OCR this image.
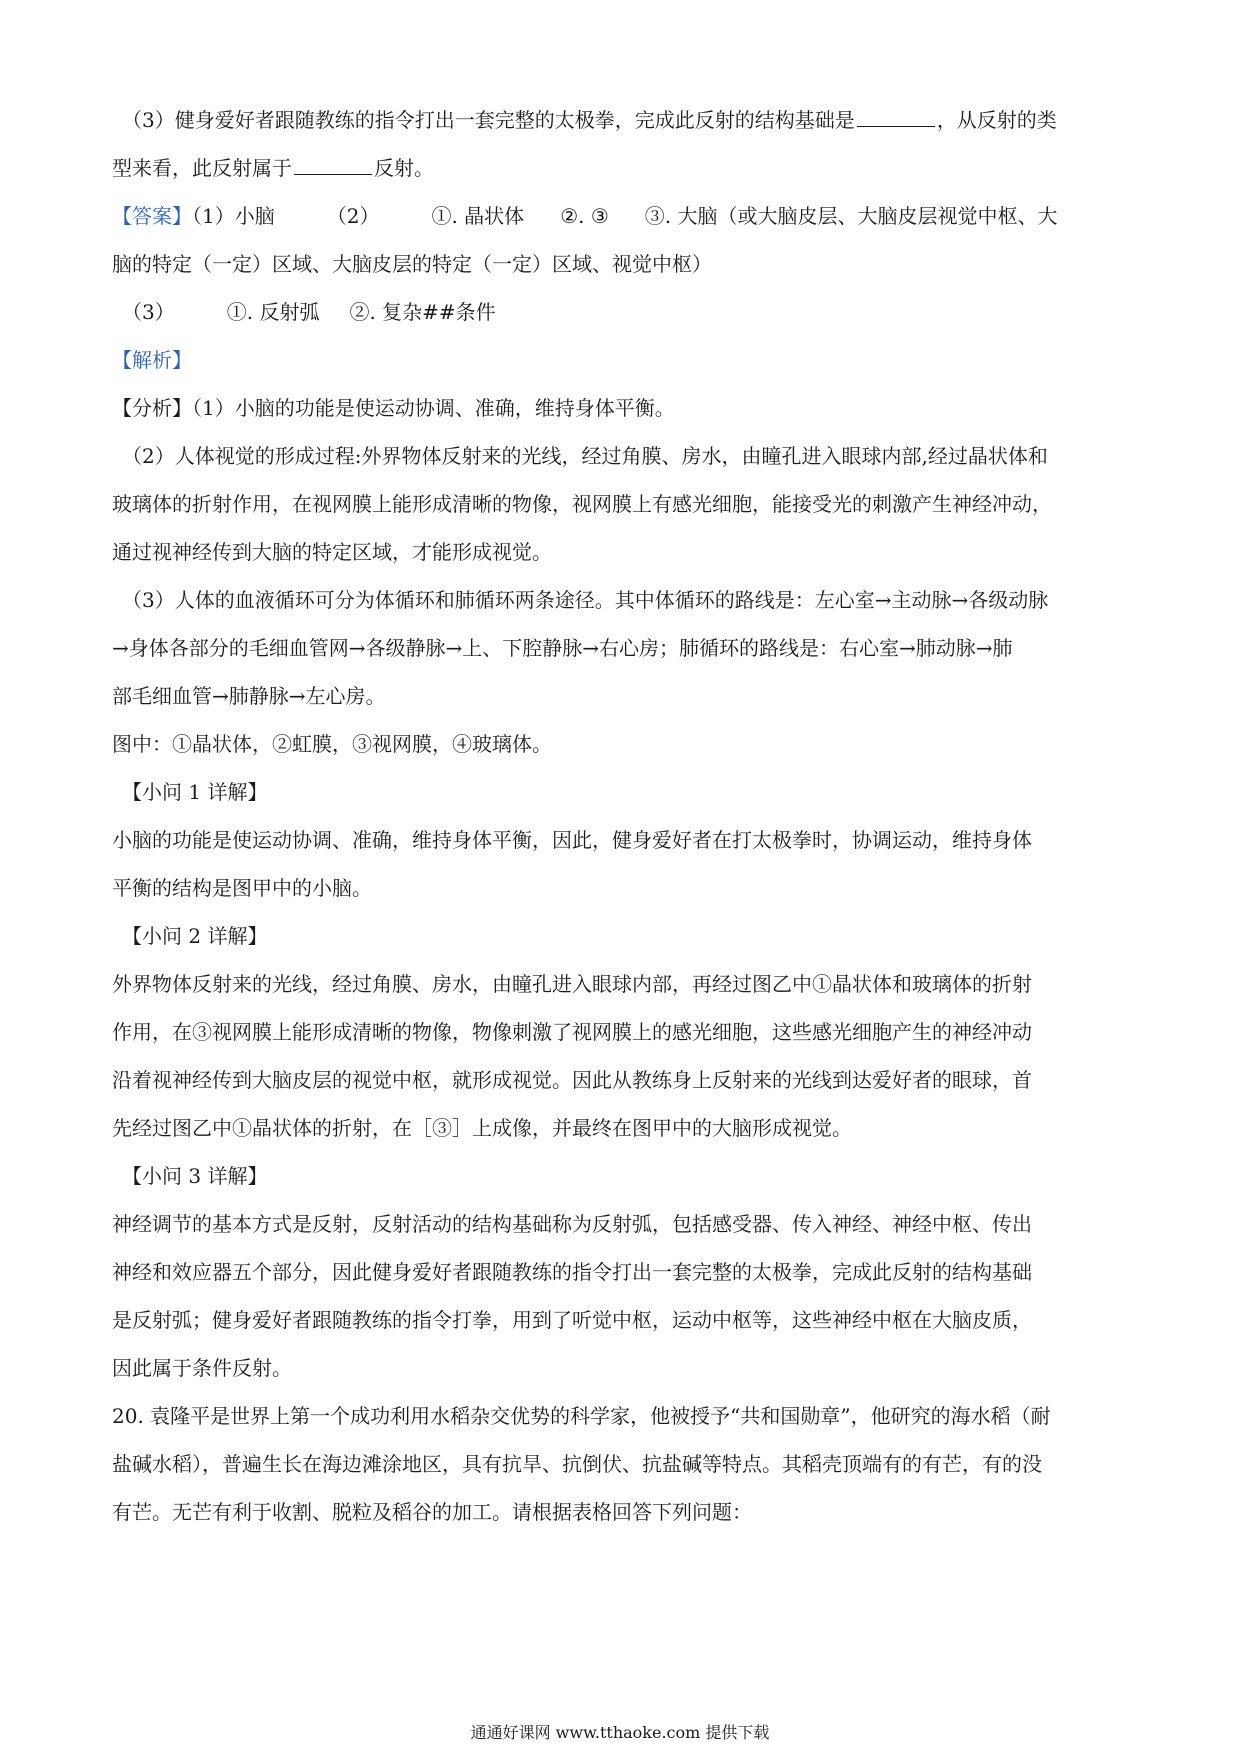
（3）健身爱好者跟随教练的指令打出一套完整的太极拳，完成此反射的结构基础是	，从反射的类

型来看，此反射属于	反射。

【答案】（1）小脑	（2）	①. 晶状体 ②. ③ ③. 大脑（或大脑皮层、大脑皮层视觉中枢、大

脑的特定（一定）区域、大脑皮层的特定（一定）区域、视觉中枢）

（3）	①. 反射弧 ②. 复杂##条件

【解析】

【分析】（1）小脑的功能是使运动协调、准确，维持身体平衡。

（2）人体视觉的形成过程:外界物体反射来的光线，经过角膜、房水，由瞳孔进入眼球内部,经过晶状体和

玻璃体的折射作用，在视网膜上能形成清晰的物像，视网膜上有感光细胞，能接受光的刺激产生神经冲动，

通过视神经传到大脑的特定区域，才能形成视觉。

（3）人体的血液循环可分为体循环和肺循环两条途径。其中体循环的路线是：左心室→主动脉→各级动脉

→身体各部分的毛细血管网→各级静脉→上、下腔静脉→右心房；肺循环的路线是：右心室→肺动脉→肺

部毛细血管→肺静脉→左心房。

图中：①晶状体，②虹膜，③视网膜，④玻璃体。

【小问 1 详解】

小脑的功能是使运动协调、准确，维持身体平衡，因此，健身爱好者在打太极拳时，协调运动，维持身体

平衡的结构是图甲中的小脑。

【小问 2 详解】

外界物体反射来的光线，经过角膜、房水，由瞳孔进入眼球内部，再经过图乙中①晶状体和玻璃体的折射

作用，在③视网膜上能形成清晰的物像，物像刺激了视网膜上的感光细胞，这些感光细胞产生的神经冲动

沿着视神经传到大脑皮层的视觉中枢，就形成视觉。因此从教练身上反射来的光线到达爱好者的眼球，首

先经过图乙中①晶状体的折射，在［③］上成像，并最终在图甲中的大脑形成视觉。

【小问 3 详解】

神经调节的基本方式是反射，反射活动的结构基础称为反射弧，包括感受器、传入神经、神经中枢、传出

神经和效应器五个部分，因此健身爱好者跟随教练的指令打出一套完整的太极拳，完成此反射的结构基础

是反射弧；健身爱好者跟随教练的指令打拳，用到了听觉中枢，运动中枢等，这些神经中枢在大脑皮质，

因此属于条件反射。

20. 袁隆平是世界上第一个成功利用水稻杂交优势的科学家，他被授予“共和国勋章”，他研究的海水稻（耐

盐碱水稻），普遍生长在海边滩涂地区，具有抗旱、抗倒伏、抗盐碱等特点。其稻壳顶端有的有芒，有的没

有芒。无芒有利于收割、脱粒及稻谷的加工。请根据表格回答下列问题：

通通好课网 www.tthaoke.com 提供下载
